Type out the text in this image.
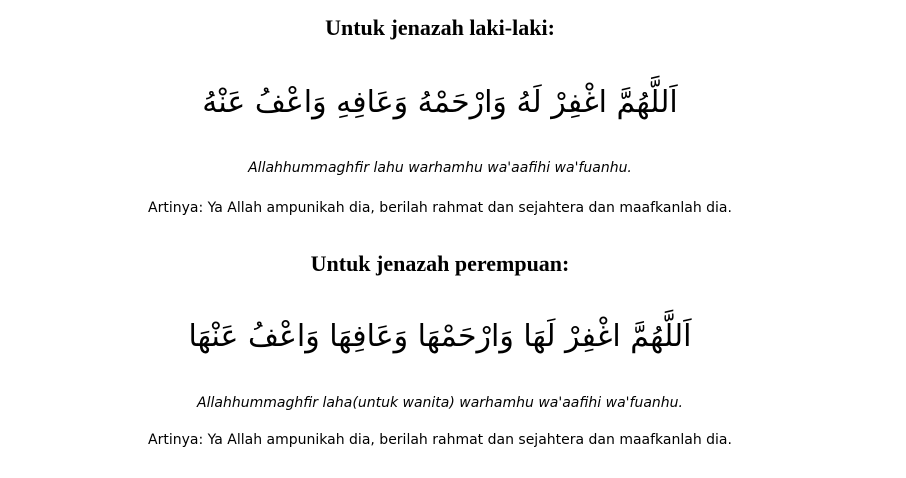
Untuk jenazah laki-laki:
اَللَّهُمَّ اغْفِرْ لَهُ وَارْحَمْهُ وَعَافِهِ وَاعْفُ عَنْهُ
Allahhummaghfir lahu warhamhu wa'aafihi wa'fuanhu.
Artinya: Ya Allah ampunikah dia, berilah rahmat dan sejahtera dan maafkanlah dia.
Untuk jenazah perempuan:
اَللَّهُمَّ اغْفِرْ لَهَا وَارْحَمْهَا وَعَافِهَا وَاعْفُ عَنْهَا
Allahhummaghfir laha(untuk wanita) warhamhu wa'aafihi wa'fuanhu.
Artinya: Ya Allah ampunikah dia, berilah rahmat dan sejahtera dan maafkanlah dia.
